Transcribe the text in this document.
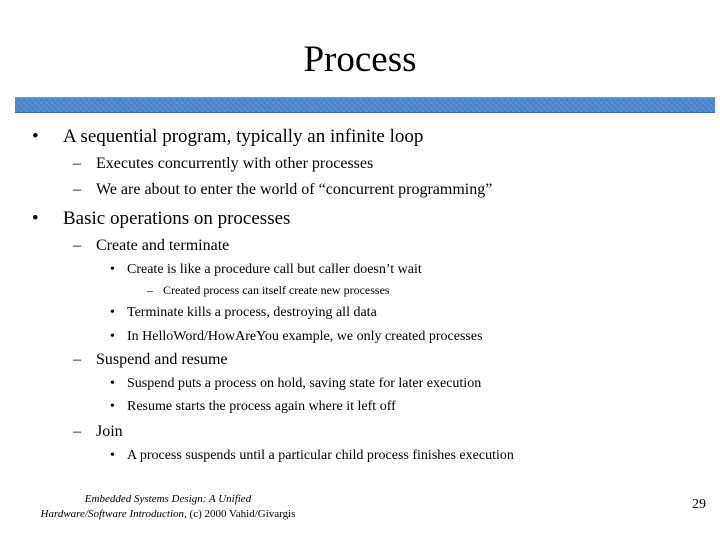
Process
• A sequential program, typically an infinite loop
– Executes concurrently with other processes
– We are about to enter the world of “concurrent programming”
• Basic operations on processes
– Create and terminate
• Create is like a procedure call but caller doesn’t wait
– Created process can itself create new processes
• Terminate kills a process, destroying all data
• In HelloWord/HowAreYou example, we only created processes
– Suspend and resume
• Suspend puts a process on hold, saving state for later execution
• Resume starts the process again where it left off
– Join
• A process suspends until a particular child process finishes execution
Embedded Systems Design: A Unified
Hardware/Software Introduction, (c) 2000 Vahid/Givargis
29
